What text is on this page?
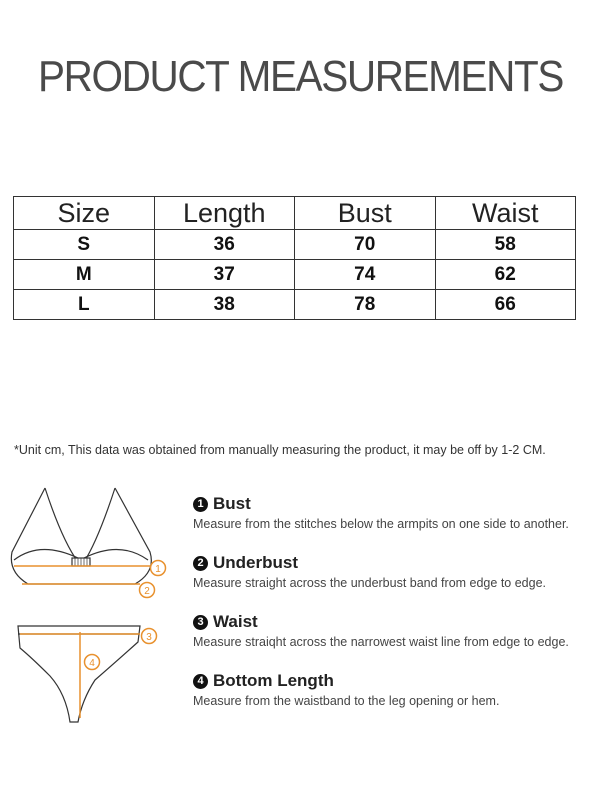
PRODUCT MEASUREMENTS
Size	Length	Bust	Waist
S	36	70	58
M	37	74	62
L	38	78	66
*Unit cm, This data was obtained from manually measuring the product, it may be off by 1-2 CM.
1
2
3
4
1 Bust
Measure from the stitches below the armpits on one side to another.
2 Underbust
Measure straight across the underbust band from edge to edge.
3 Waist
Measure straiqht across the narrowest waist line from edge to edge.
4 Bottom Length
Measure from the waistband to the leg opening or hem.
